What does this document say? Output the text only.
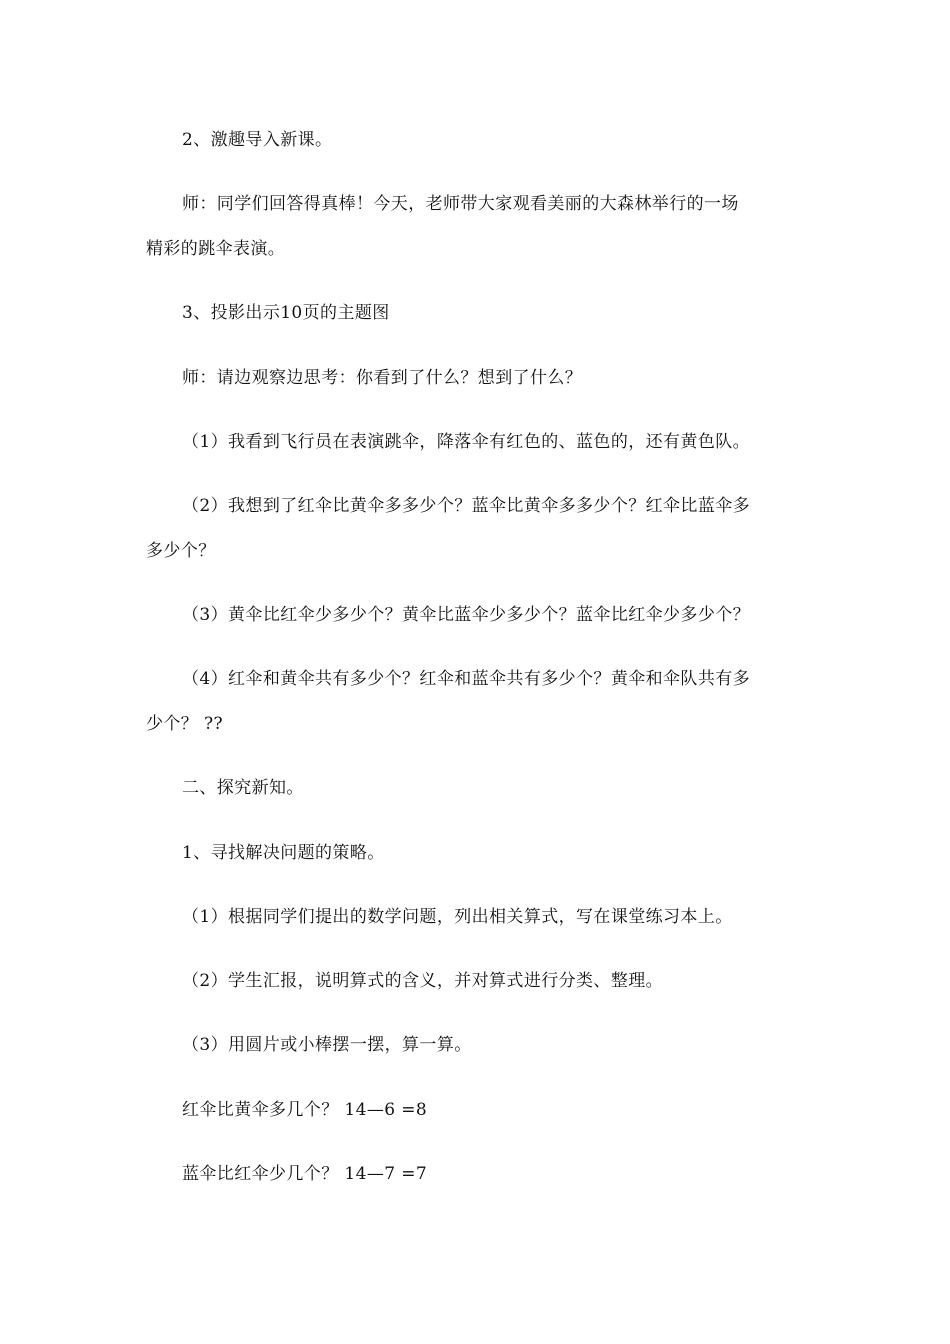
2、激趣导入新课。

师：同学们回答得真棒！今天，老师带大家观看美丽的大森林举行的一场

精彩的跳伞表演。

3、投影出示10页的主题图

师：请边观察边思考：你看到了什么？想到了什么？

（1）我看到飞行员在表演跳伞，降落伞有红色的、蓝色的，还有黄色队。

（2）我想到了红伞比黄伞多多少个？蓝伞比黄伞多多少个？红伞比蓝伞多

多少个？

（3）黄伞比红伞少多少个？黄伞比蓝伞少多少个？蓝伞比红伞少多少个？

（4）红伞和黄伞共有多少个？红伞和蓝伞共有多少个？黄伞和伞队共有多

少个？ ??

二、探究新知。

1、寻找解决问题的策略。

（1）根据同学们提出的数学问题，列出相关算式，写在课堂练习本上。

（2）学生汇报，说明算式的含义，并对算式进行分类、整理。

（3）用圆片或小棒摆一摆，算一算。

红伞比黄伞多几个？ 14—6 =8

蓝伞比红伞少几个？ 14—7 =7
